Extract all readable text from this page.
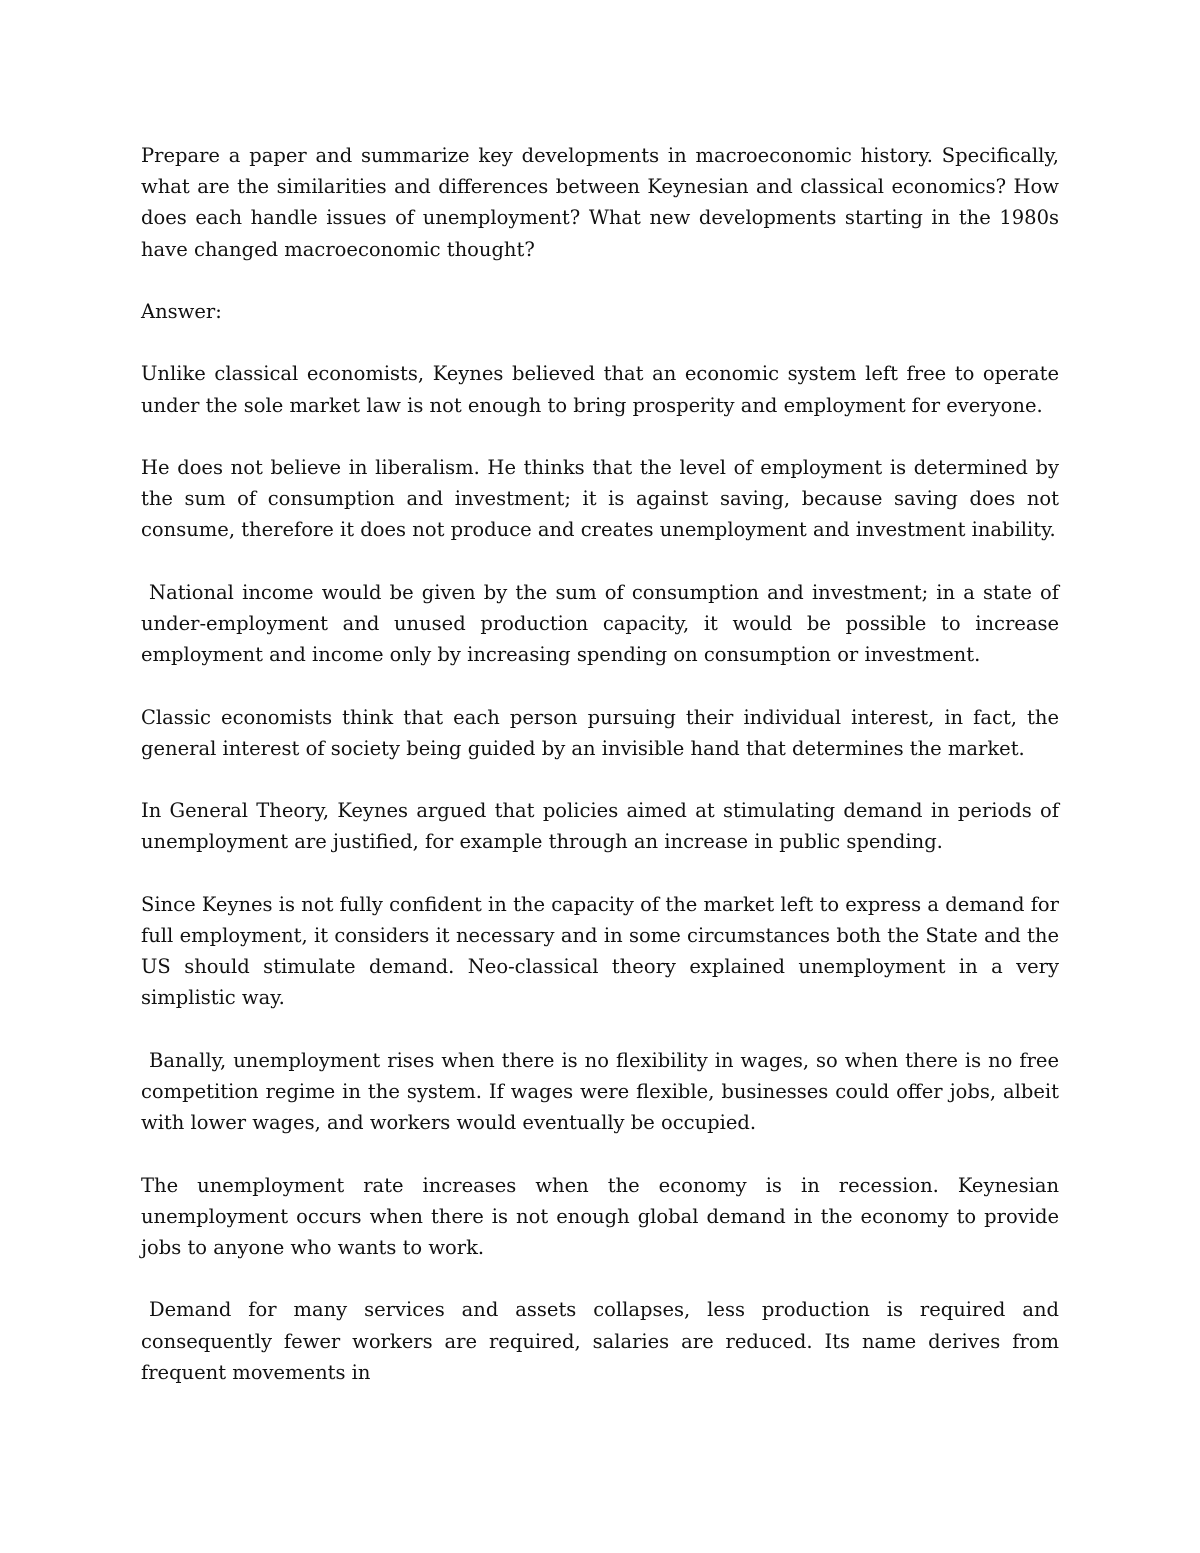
Prepare a paper and summarize key developments in macroeconomic history. Specifically, what are the similarities and differences between Keynesian and classical economics? How does each handle issues of unemployment? What new developments starting in the 1980s have changed macroeconomic thought?

Answer:

Unlike classical economists, Keynes believed that an economic system left free to operate under the sole market law is not enough to bring prosperity and employment for everyone.

He does not believe in liberalism. He thinks that the level of employment is determined by the sum of consumption and investment; it is against saving, because saving does not consume, therefore it does not produce and creates unemployment and investment inability.

National income would be given by the sum of consumption and investment; in a state of under-employment and unused production capacity, it would be possible to increase employment and income only by increasing spending on consumption or investment.

Classic economists think that each person pursuing their individual interest, in fact, the general interest of society being guided by an invisible hand that determines the market.

In General Theory, Keynes argued that policies aimed at stimulating demand in periods of unemployment are justified, for example through an increase in public spending.

Since Keynes is not fully confident in the capacity of the market left to express a demand for full employment, it considers it necessary and in some circumstances both the State and the US should stimulate demand. Neo-classical theory explained unemployment in a very simplistic way.

Banally, unemployment rises when there is no flexibility in wages, so when there is no free competition regime in the system. If wages were flexible, businesses could offer jobs, albeit with lower wages, and workers would eventually be occupied.

The unemployment rate increases when the economy is in recession. Keynesian unemployment occurs when there is not enough global demand in the economy to provide jobs to anyone who wants to work.

Demand for many services and assets collapses, less production is required and consequently fewer workers are required, salaries are reduced. Its name derives from frequent movements in
